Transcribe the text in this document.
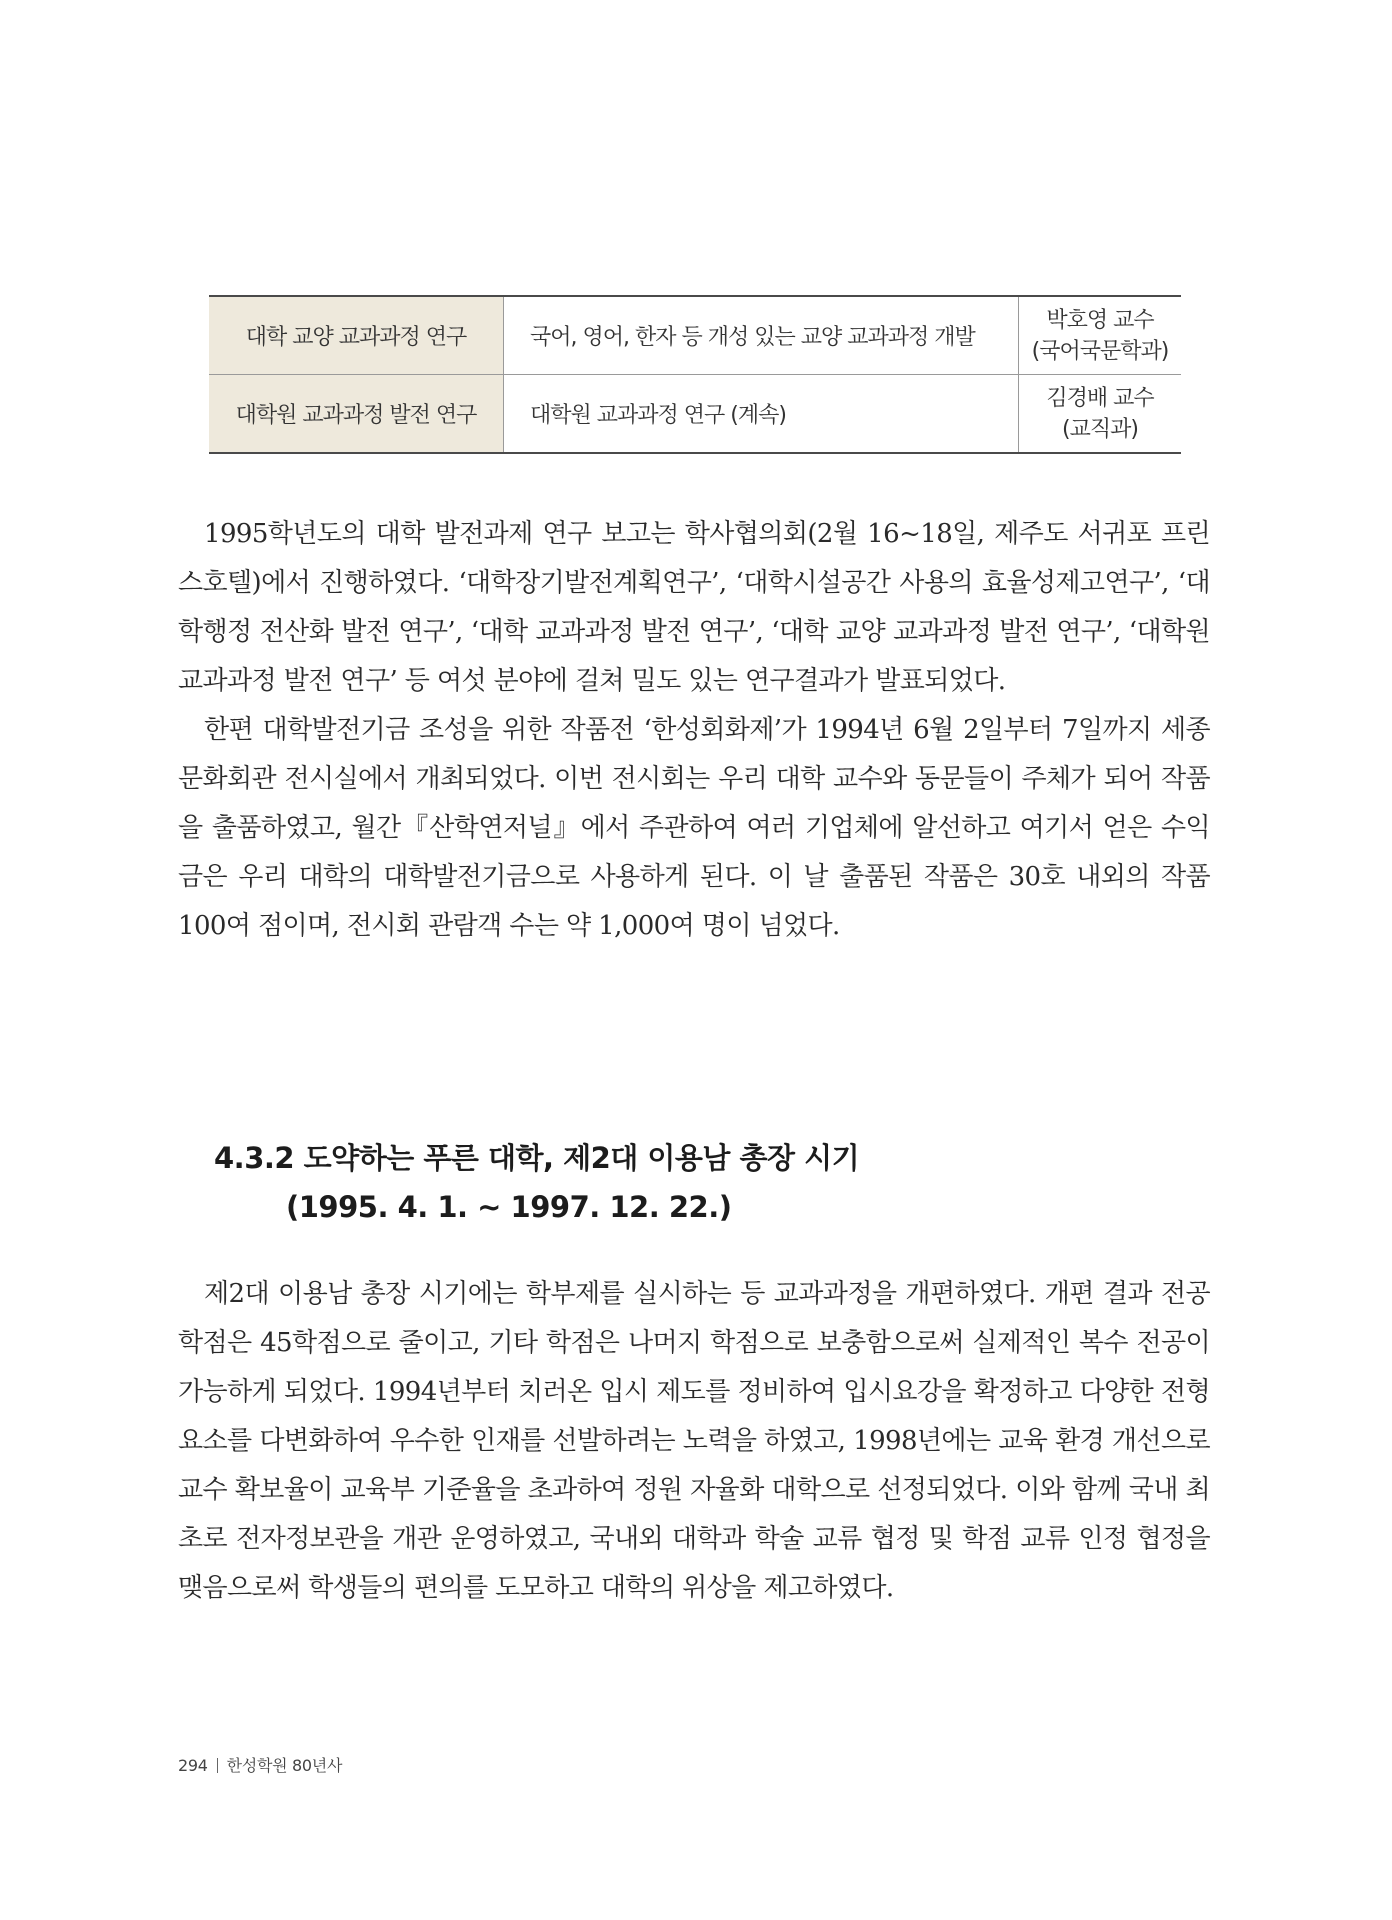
대학 교양 교과과정 연구	국어, 영어, 한자 등 개성 있는 교양 교과과정 개발	박호영 교수
(국어국문학과)

대학원 교과과정 발전 연구	대학원 교과과정 연구 (계속)	김경배 교수
(교직과)

1995학년도의 대학 발전과제 연구 보고는 학사협의회(2월 16~18일, 제주도 서귀포 프린스호텔)에서 진행하였다. ‘대학장기발전계획연구’, ‘대학시설공간 사용의 효율성제고연구’, ‘대학행정 전산화 발전 연구’, ‘대학 교과과정 발전 연구’, ‘대학 교양 교과과정 발전 연구’, ‘대학원 교과과정 발전 연구’ 등 여섯 분야에 걸쳐 밀도 있는 연구결과가 발표되었다.

한편 대학발전기금 조성을 위한 작품전 ‘한성회화제’가 1994년 6월 2일부터 7일까지 세종문화회관 전시실에서 개최되었다. 이번 전시회는 우리 대학 교수와 동문들이 주체가 되어 작품을 출품하였고, 월간『산학연저널』에서 주관하여 여러 기업체에 알선하고 여기서 얻은 수익금은 우리 대학의 대학발전기금으로 사용하게 된다. 이 날 출품된 작품은 30호 내외의 작품 100여 점이며, 전시회 관람객 수는 약 1,000여 명이 넘었다.

4.3.2 도약하는 푸른 대학, 제2대 이용남 총장 시기
(1995. 4. 1. ~ 1997. 12. 22.)

제2대 이용남 총장 시기에는 학부제를 실시하는 등 교과과정을 개편하였다. 개편 결과 전공학점은 45학점으로 줄이고, 기타 학점은 나머지 학점으로 보충함으로써 실제적인 복수 전공이 가능하게 되었다. 1994년부터 치러온 입시 제도를 정비하여 입시요강을 확정하고 다양한 전형요소를 다변화하여 우수한 인재를 선발하려는 노력을 하였고, 1998년에는 교육 환경 개선으로 교수 확보율이 교육부 기준율을 초과하여 정원 자율화 대학으로 선정되었다. 이와 함께 국내 최초로 전자정보관을 개관 운영하였고, 국내외 대학과 학술 교류 협정 및 학점 교류 인정 협정을 맺음으로써 학생들의 편의를 도모하고 대학의 위상을 제고하였다.

294 한성학원 80년사
